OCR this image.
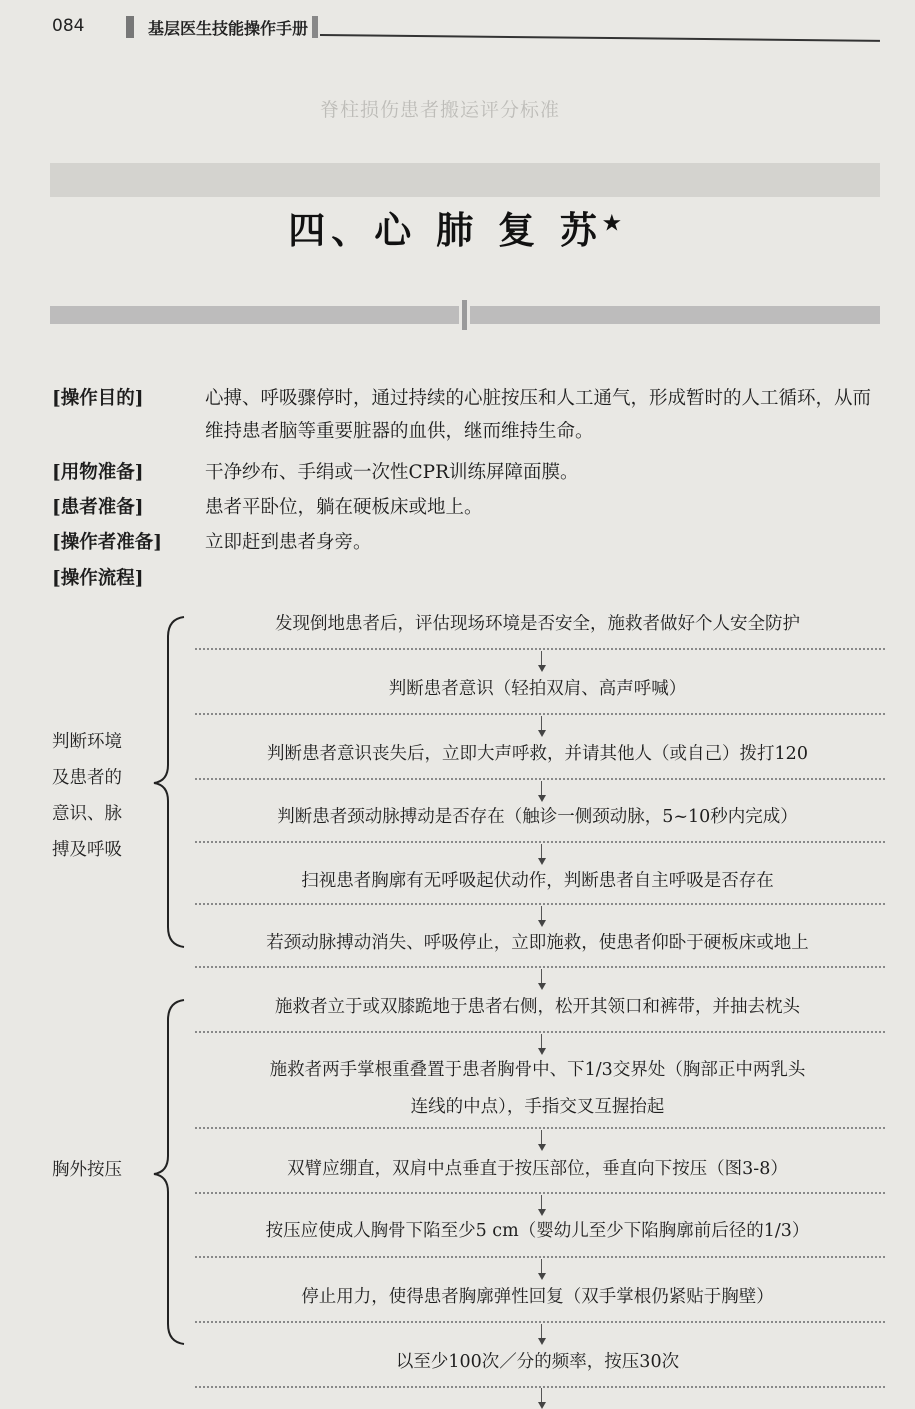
084	基层医生技能操作手册
脊柱损伤患者搬运评分标准
四、心 肺 复 苏★
[操作目的]	心搏、呼吸骤停时，通过持续的心脏按压和人工通气，形成暂时的人工循环，从而维持患者脑等重要脏器的血供，继而维持生命。
[用物准备]	干净纱布、手绢或一次性CPR训练屏障面膜。
[患者准备]	患者平卧位，躺在硬板床或地上。
[操作者准备]	立即赶到患者身旁。
[操作流程]
判断环境
及患者的
意识、脉
搏及呼吸
胸外按压
发现倒地患者后，评估现场环境是否安全，施救者做好个人安全防护
判断患者意识（轻拍双肩、高声呼喊）
判断患者意识丧失后，立即大声呼救，并请其他人（或自己）拨打120
判断患者颈动脉搏动是否存在（触诊一侧颈动脉，5~10秒内完成）
扫视患者胸廓有无呼吸起伏动作，判断患者自主呼吸是否存在
若颈动脉搏动消失、呼吸停止，立即施救，使患者仰卧于硬板床或地上
施救者立于或双膝跪地于患者右侧，松开其领口和裤带，并抽去枕头
施救者两手掌根重叠置于患者胸骨中、下1/3交界处（胸部正中两乳头
连线的中点），手指交叉互握抬起
双臂应绷直，双肩中点垂直于按压部位，垂直向下按压（图3-8）
按压应使成人胸骨下陷至少5 cm（婴幼儿至少下陷胸廓前后径的1/3）
停止用力，使得患者胸廓弹性回复（双手掌根仍紧贴于胸壁）
以至少100次／分的频率，按压30次
